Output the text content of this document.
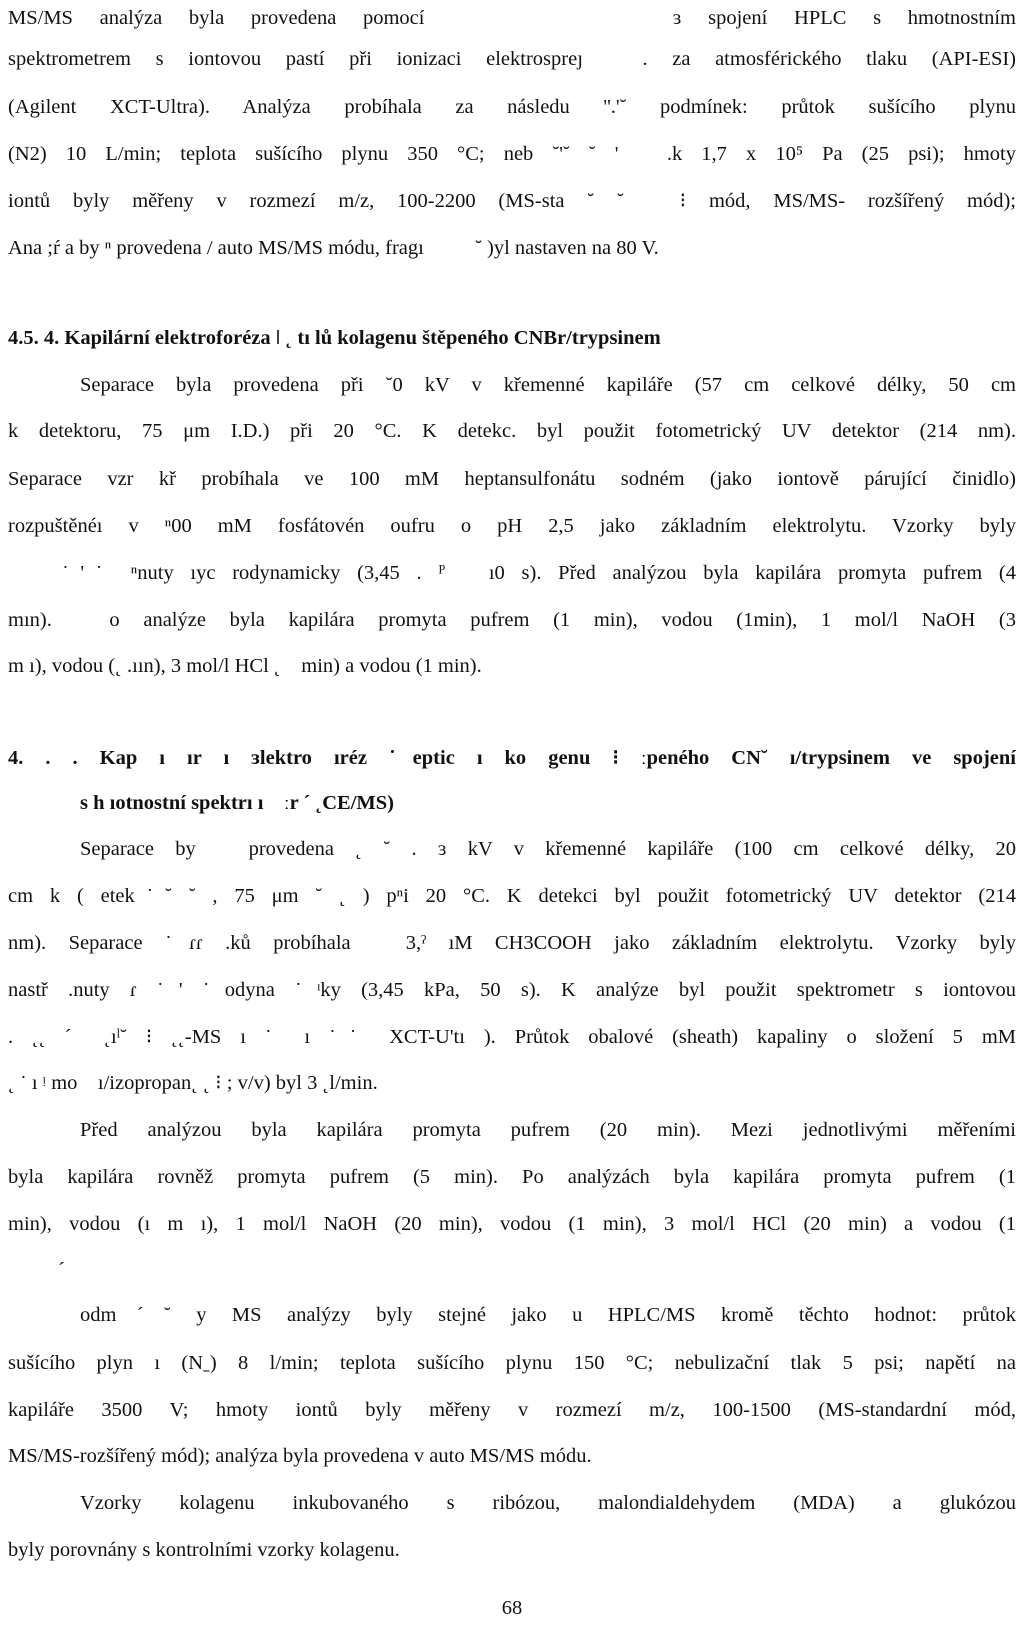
MS/MS analýza byla provedena pomocí             ɜ spojení HPLC s hmotnostním
spektrometrem s iontovou pastí při ionizaci elektrospreȷ   . za atmosférického tlaku (API-ESI)
(Agilent XCT-Ultra). Analýza probíhala za následu ''.'˘ podmínek: průtok sušícího plynu
(N2) 10 L/min; teplota sušícího plynu 350 °C; neb ˘'˘ ˘ '   .k 1,7 x 10⁵ Pa (25 psi); hmoty
iontů byly měřeny v rozmezí m/z, 100-2200 (MS-sta ˘ ˘   ⁝ mód, MS/MS- rozšířený mód);
Ana ;ŕ a by ⁿ provedena / auto MS/MS módu, fragı       ˘ )yl nastaven na 80 V.
4.5. 4. Kapilární elektroforéza ǀ ˛ tı lů kolagenu štěpeného CNBr/trypsinem
Separace byla provedena při ˘0 kV v křemenné kapiláře (57 cm celkové délky, 50 cm
k detektoru, 75 μm I.D.) při 20 °C. K detekc. byl použit fotometrický UV detektor (214 nm).
Separace vzr kř probíhala ve 100 mM heptansulfonátu sodném (jako iontově párující činidlo)
rozpuštěnéı v ⁿ00 mM fosfátovén oufru o pH 2,5 jako základním elektrolytu. Vzorky byly
    ˙'˙ ⁿnuty ıyc rodynamicky (3,45 . ᴾ   ı0 s). Před analýzou byla kapilára promyta pufrem (4
mın).   o analýze byla kapilára promyta pufrem (1 min), vodou (1min), 1 mol/l NaOH (3
m ı), vodou (˛ .ıın), 3 mol/l HCl ˛   min) a vodou (1 min).
4. . . Kap ı ır ı ɜlektro ıréz ˙eptic ı ko genu ⁝ ːpeného CN˘ ı/trypsinem ve spojení
s h ıotnostní spektrı ı   ːr ˊ ˛CE/MS)
Separace by   provedena ˛ ˘ . ɜ kV v křemenné kapiláře (100 cm celkové délky, 20
cm k ( etek˙˘ ˘ , 75 μm ˘ ˛ ) pⁿi 20 °C. K detekci byl použit fotometrický UV detektor (214
nm). Separace ˙ɾɾ .ků probíhala   3,ˀ ıM CH3COOH jako základním elektrolytu. Vzorky byly
nastř .nuty ɾ ˙' ˙odyna ˙ᶦky (3,45 kPa, 50 s). K analýze byl použit spektrometr s iontovou
. ˛˛ ˊ ˛ıˡ˘ ⁝ ˛˛-MS ı ˙ ı ˙˙ XCT-U'tı ). Průtok obalové (sheath) kapaliny o složení 5 mM
˛ ˙ ı ᵎ mo   ı/izopropan˛ ˛ ⁝ ; v/v) byl 3 ˛l/min.
Před analýzou byla kapilára promyta pufrem (20 min). Mezi jednotlivými měřeními
byla kapilára rovněž promyta pufrem (5 min). Po analýzách byla kapilára promyta pufrem (1
min), vodou (ı m ı), 1 mol/l NaOH (20 min), vodou (1 min), 3 mol/l HCl (20 min) a vodou (1
ˊ
odmˊ˘ y MS analýzy byly stejné jako u HPLC/MS kromě těchto hodnot: průtok
sušícího plyn ı (Nˍ) 8 l/min; teplota sušícího plynu 150 °C; nebulizační tlak 5 psi; napětí na
kapiláře 3500 V; hmoty iontů byly měřeny v rozmezí m/z, 100-1500 (MS-standardní mód,
MS/MS-rozšířený mód); analýza byla provedena v auto MS/MS módu.
Vzorky kolagenu inkubovaného s ribózou, malondialdehydem (MDA) a glukózou
byly porovnány s kontrolními vzorky kolagenu.
68
